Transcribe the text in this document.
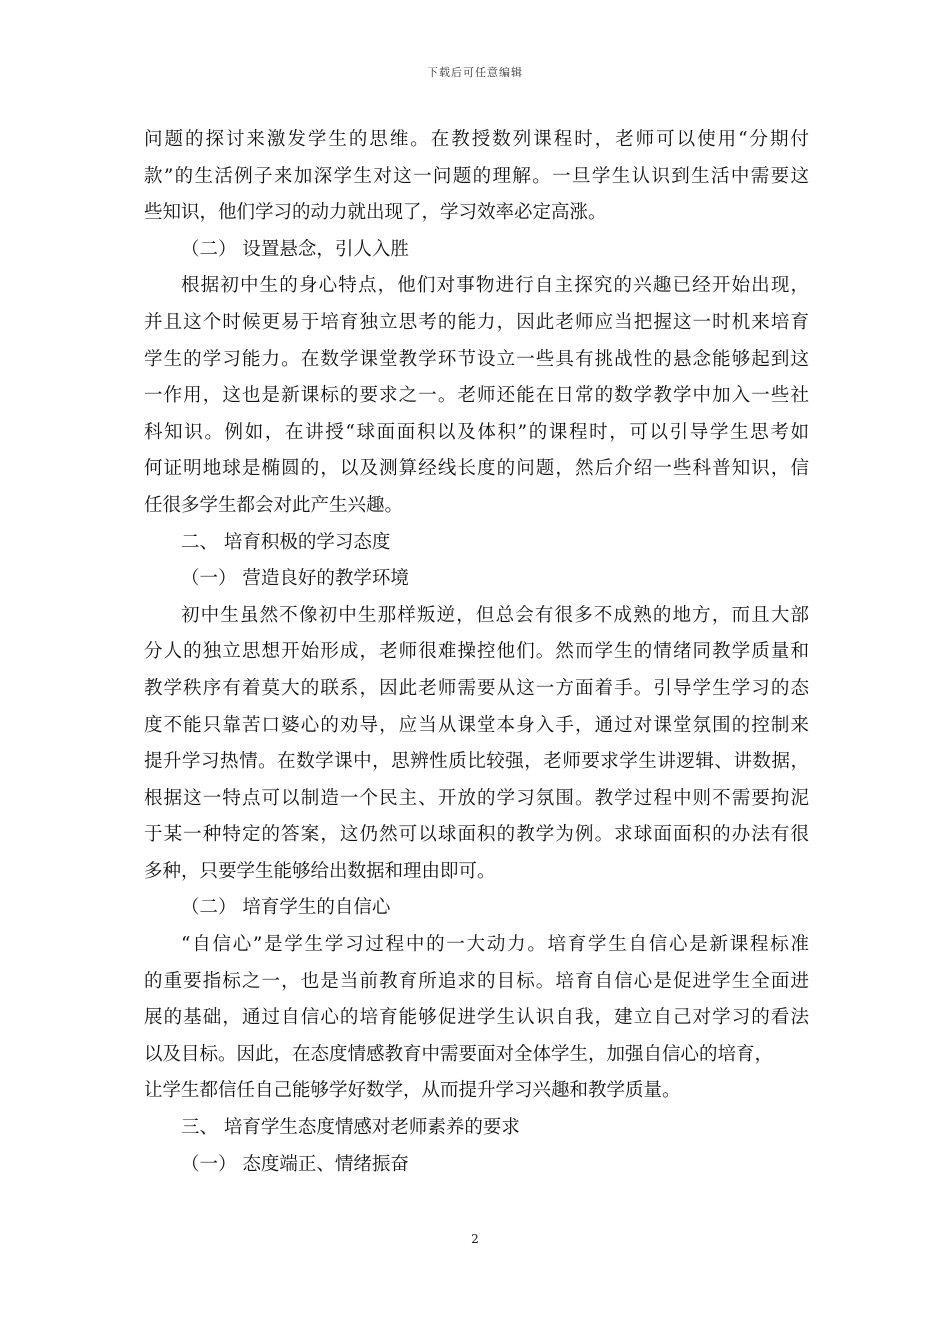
下载后可任意编辑
问题的探讨来激发学生的思维。在教授数列课程时，老师可以使用“分期付
款”的生活例子来加深学生对这一问题的理解。一旦学生认识到生活中需要这
些知识，他们学习的动力就出现了，学习效率必定高涨。
（二） 设置悬念，引人入胜
根据初中生的身心特点，他们对事物进行自主探究的兴趣已经开始出现，
并且这个时候更易于培育独立思考的能力，因此老师应当把握这一时机来培育
学生的学习能力。在数学课堂教学环节设立一些具有挑战性的悬念能够起到这
一作用，这也是新课标的要求之一。老师还能在日常的数学教学中加入一些社
科知识。例如，在讲授“球面面积以及体积”的课程时，可以引导学生思考如
何证明地球是椭圆的，以及测算经线长度的问题，然后介绍一些科普知识，信
任很多学生都会对此产生兴趣。
二、 培育积极的学习态度
（一） 营造良好的教学环境
初中生虽然不像初中生那样叛逆，但总会有很多不成熟的地方，而且大部
分人的独立思想开始形成，老师很难操控他们。然而学生的情绪同教学质量和
教学秩序有着莫大的联系，因此老师需要从这一方面着手。引导学生学习的态
度不能只靠苦口婆心的劝导，应当从课堂本身入手，通过对课堂氛围的控制来
提升学习热情。在数学课中，思辨性质比较强，老师要求学生讲逻辑、讲数据，
根据这一特点可以制造一个民主、开放的学习氛围。教学过程中则不需要拘泥
于某一种特定的答案，这仍然可以球面积的教学为例。求球面面积的办法有很
多种，只要学生能够给出数据和理由即可。
（二） 培育学生的自信心
“自信心”是学生学习过程中的一大动力。培育学生自信心是新课程标准
的重要指标之一，也是当前教育所追求的目标。培育自信心是促进学生全面进
展的基础，通过自信心的培育能够促进学生认识自我，建立自己对学习的看法
以及目标。因此，在态度情感教育中需要面对全体学生，加强自信心的培育，
让学生都信任自己能够学好数学，从而提升学习兴趣和教学质量。
三、 培育学生态度情感对老师素养的要求
（一） 态度端正、情绪振奋
2
